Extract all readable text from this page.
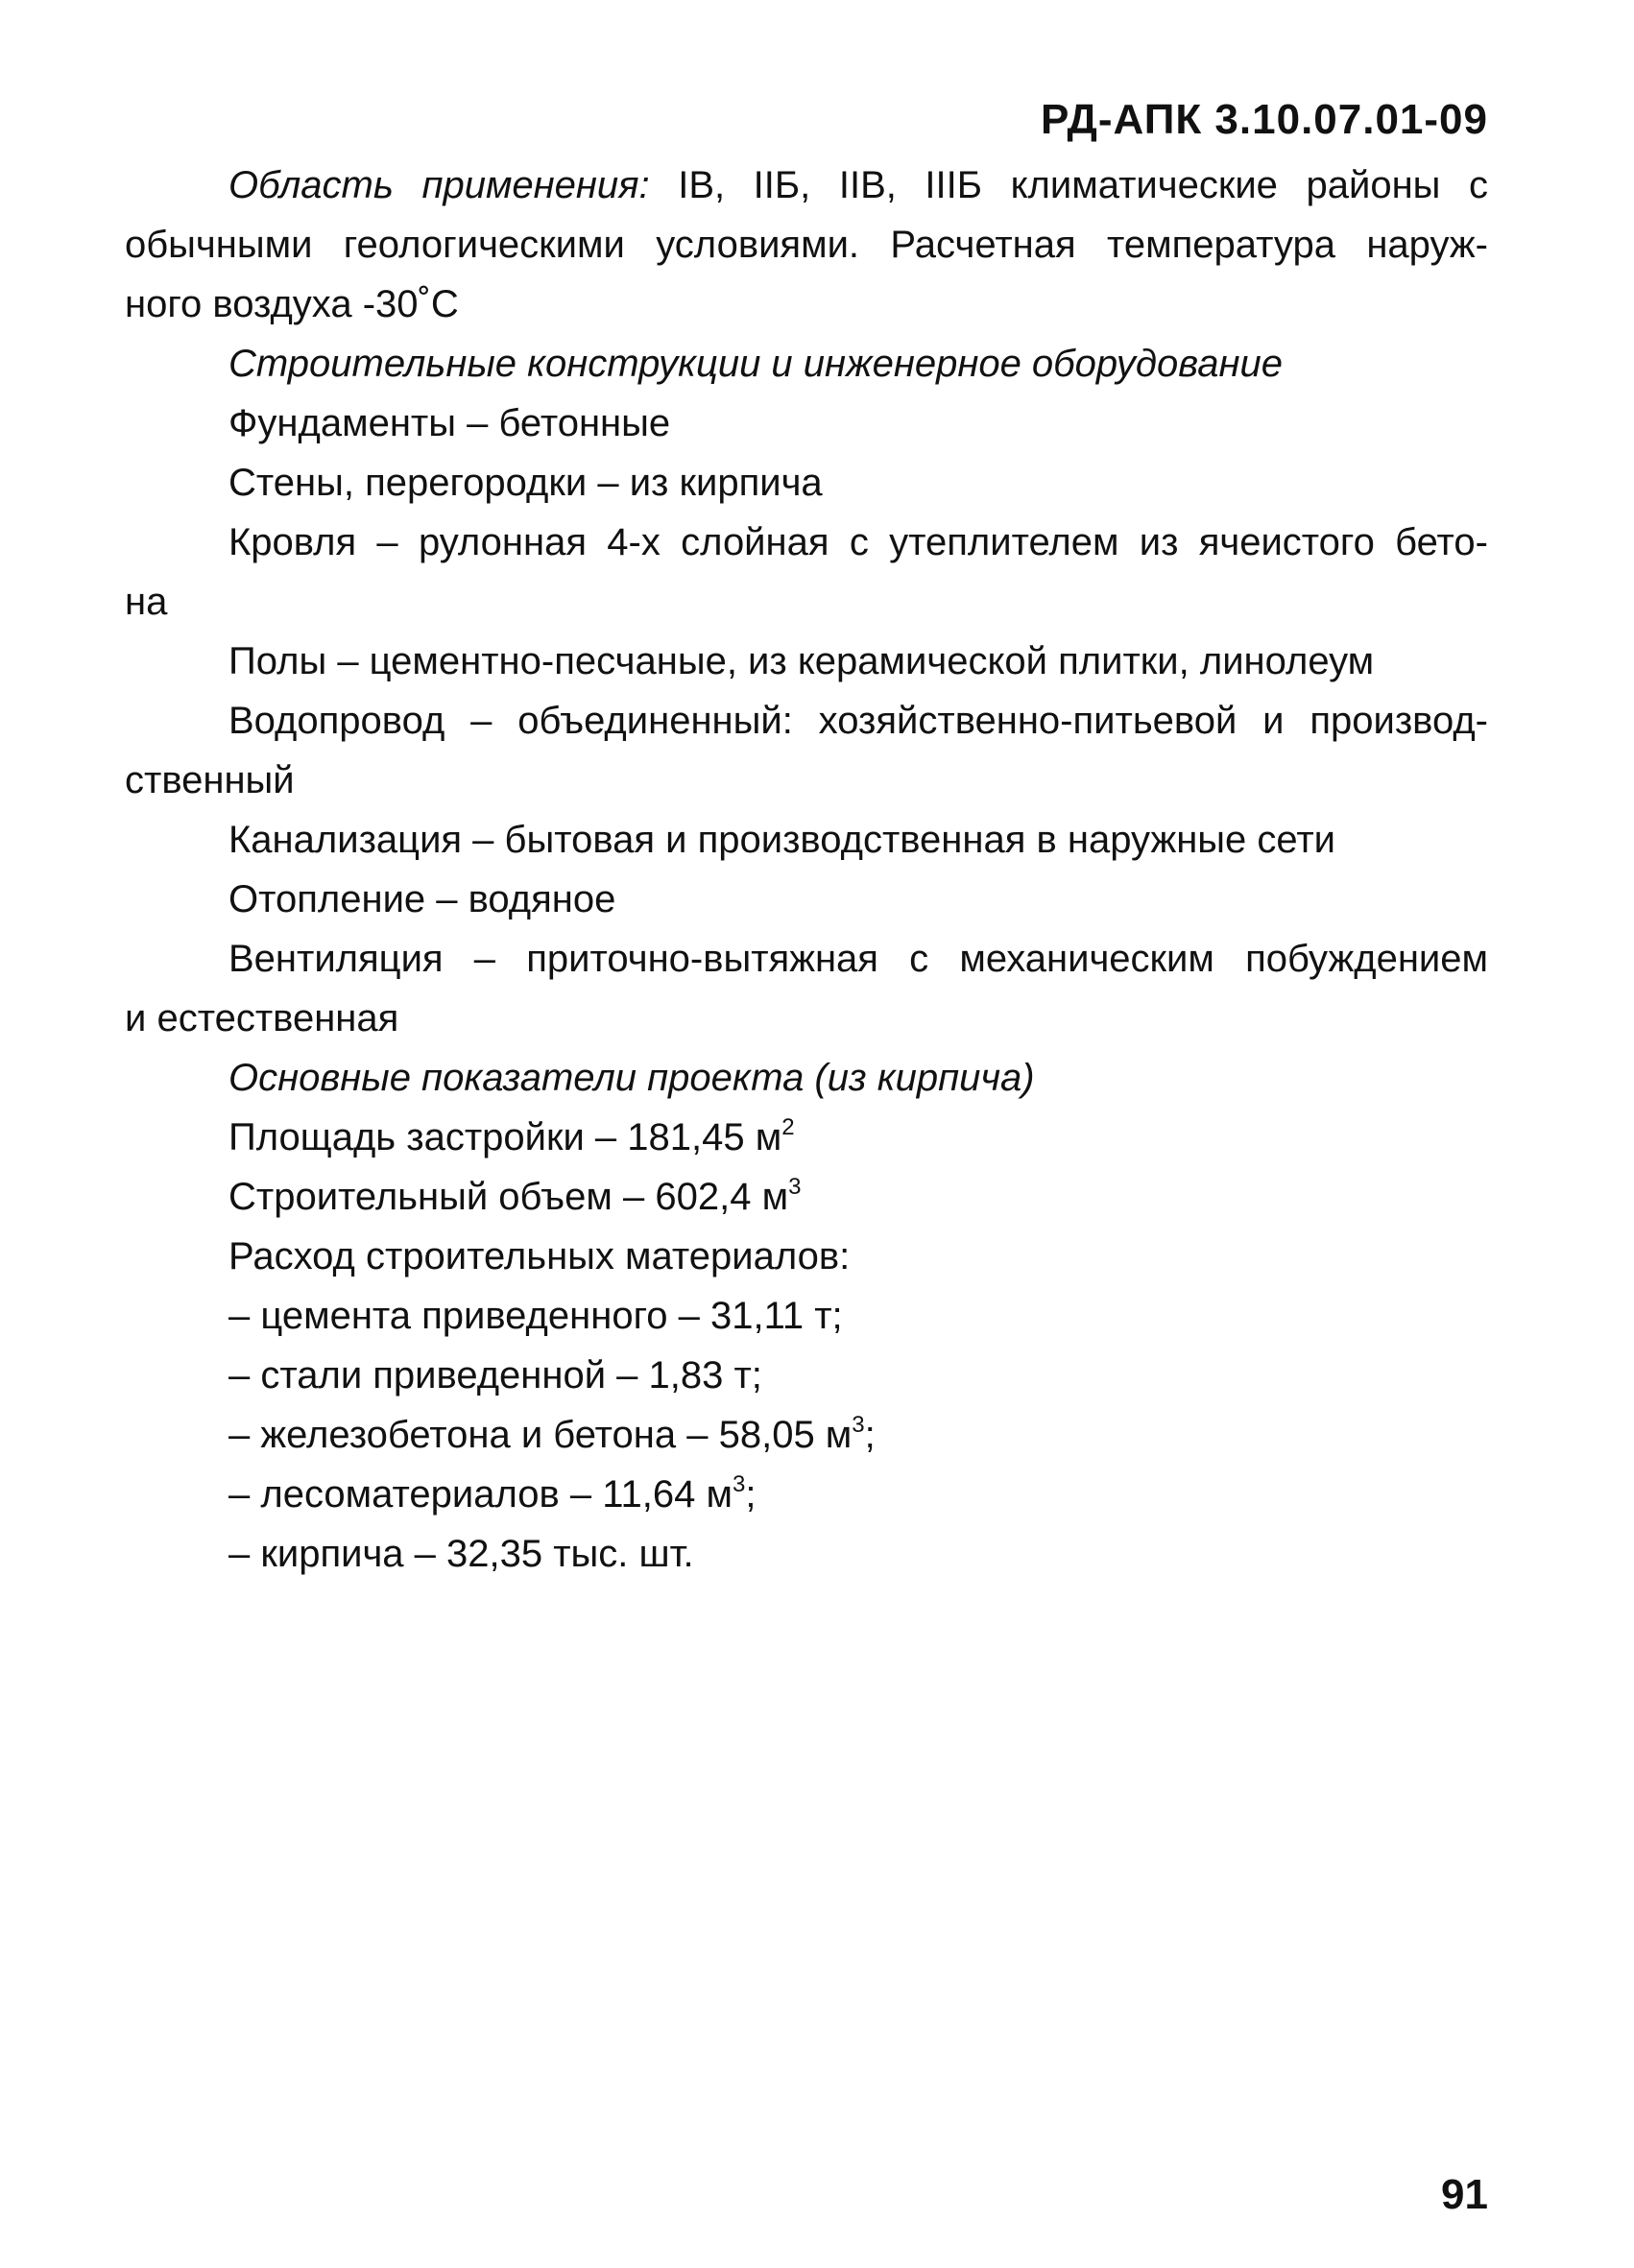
РД-АПК 3.10.07.01-09

Область применения: IВ, IIБ, IIВ, IIIБ климатические районы с

обычными геологическими условиями. Расчетная температура наруж-

ного воздуха -30˚С

Строительные конструкции и инженерное оборудование

Фундаменты – бетонные

Стены, перегородки – из кирпича

Кровля – рулонная 4-х слойная с утеплителем из ячеистого бето-

на

Полы – цементно-песчаные, из керамической плитки, линолеум

Водопровод – объединенный: хозяйственно-питьевой и производ-

ственный

Канализация – бытовая и производственная в наружные сети

Отопление – водяное

Вентиляция – приточно-вытяжная с механическим побуждением

и естественная

Основные показатели проекта (из кирпича)

Площадь застройки – 181,45 $м^2$

Строительный объем – 602,4 $м^3$

Расход строительных материалов:

– цемента приведенного – 31,11 т;

– стали приведенной – 1,83 т;

– железобетона и бетона – 58,05 $м^3$;

– лесоматериалов – 11,64 $м^3$;

– кирпича – 32,35 тыс. шт.

91
